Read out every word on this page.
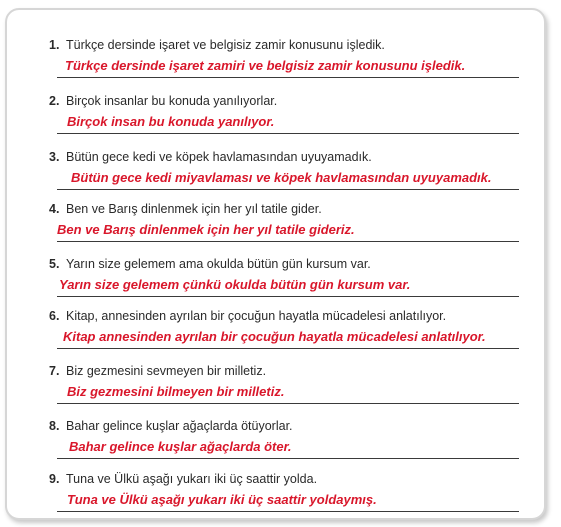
1. Türkçe dersinde işaret ve belgisiz zamir konusunu işledik.
Türkçe dersinde işaret zamiri ve belgisiz zamir konusunu işledik.
2. Birçok insanlar bu konuda yanılıyorlar.
Birçok insan bu konuda yanılıyor.
3. Bütün gece kedi ve köpek havlamasından uyuyamadık.
Bütün gece kedi miyavlaması ve köpek havlamasından uyuyamadık.
4. Ben ve Barış dinlenmek için her yıl tatile gider.
Ben ve Barış dinlenmek için her yıl tatile gideriz.
5. Yarın size gelemem ama okulda bütün gün kursum var.
Yarın size gelemem çünkü okulda bütün gün kursum var.
6. Kitap, annesinden ayrılan bir çocuğun hayatla mücadelesi anlatılıyor.
Kitap annesinden ayrılan bir çocuğun hayatla mücadelesi anlatılıyor.
7. Biz gezmesini sevmeyen bir milletiz.
Biz gezmesini bilmeyen bir milletiz.
8. Bahar gelince kuşlar ağaçlarda ötüyorlar.
Bahar gelince kuşlar ağaçlarda öter.
9. Tuna ve Ülkü aşağı yukarı iki üç saattir yolda.
Tuna ve Ülkü aşağı yukarı iki üç saattir yoldaymış.
